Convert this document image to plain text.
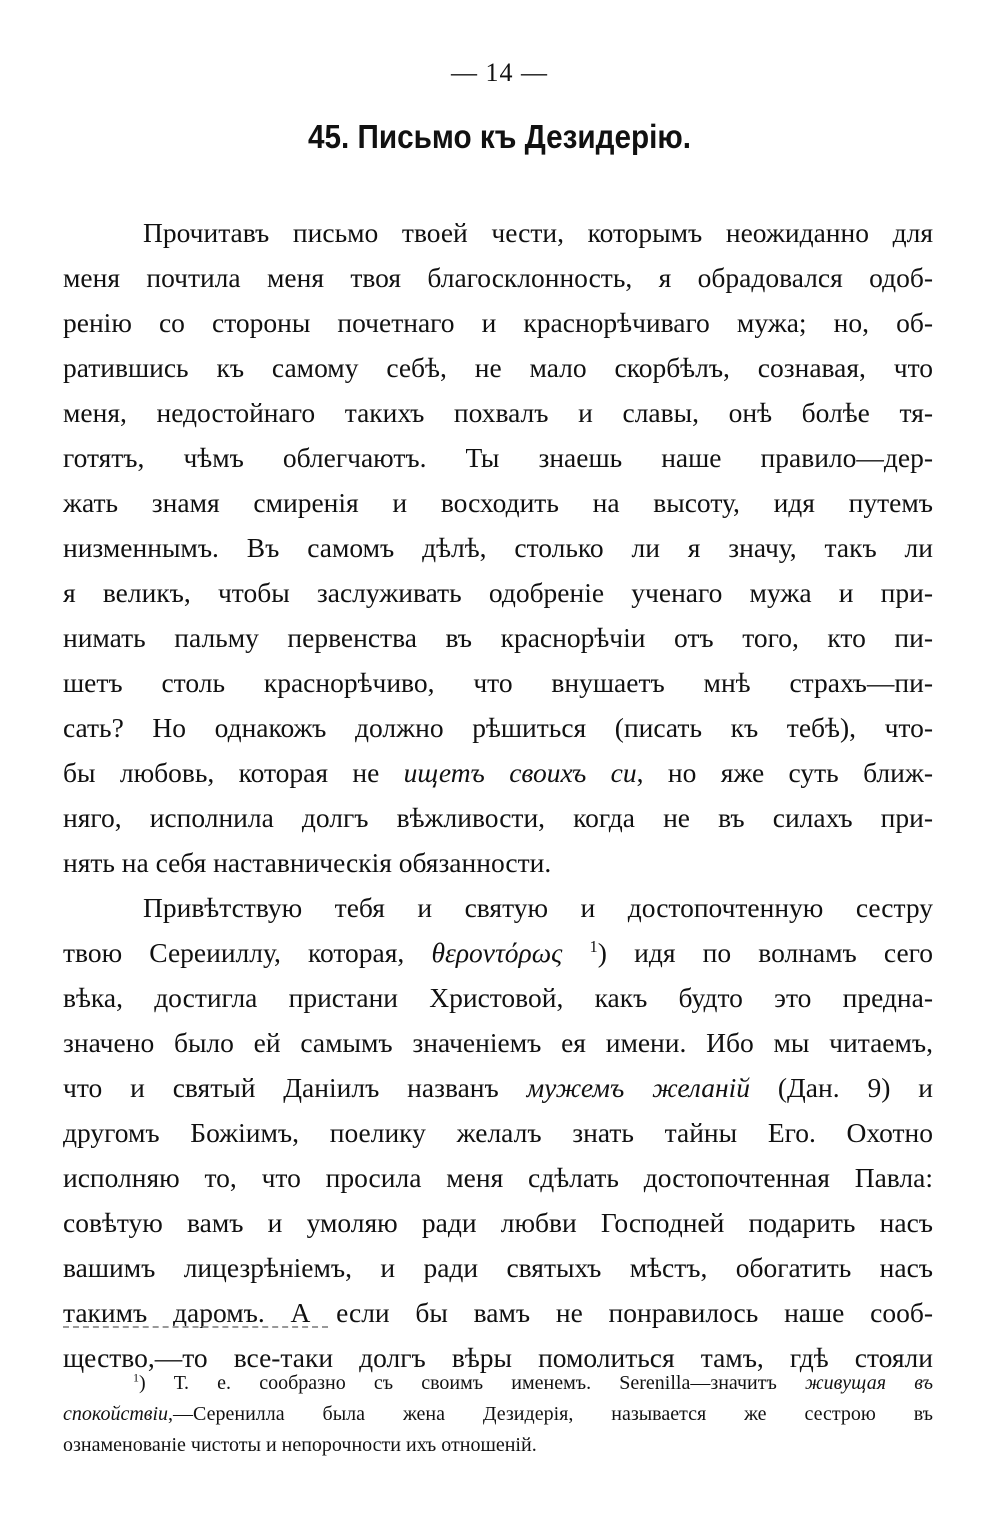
— 14 —
45. Письмо къ Дезидерію.
Прочитавъ письмо твоей чести, которымъ неожиданно для
меня почтила меня твоя благосклонность, я обрадовался одоб-
ренію со стороны почетнаго и краснорѣчиваго мужа; но, об-
ратившись къ самому себѣ, не мало скорбѣлъ, сознавая, что
меня, недостойнаго такихъ похвалъ и славы, онѣ болѣе тя-
готятъ, чѣмъ облегчаютъ. Ты знаешь наше правило—дер-
жать знамя смиренія и восходить на высоту, идя путемъ
низменнымъ. Въ самомъ дѣлѣ, столько ли я значу, такъ ли
я великъ, чтобы заслуживать одобреніе ученаго мужа и при-
нимать пальму первенства въ краснорѣчіи отъ того, кто пи-
шетъ столь краснорѣчиво, что внушаетъ мнѣ страхъ—пи-
сать? Но однакожъ должно рѣшиться (писать къ тебѣ), что-
бы любовь, которая не ищетъ своихъ си, но яже суть ближ-
няго, исполнила долгъ вѣжливости, когда не въ силахъ при-
нять на себя наставническія обязанности.
Привѣтствую тебя и святую и достопочтенную сестру
твою Сереииллу, которая, θεροντόρως $^1$) идя по волнамъ сего
вѣка, достигла пристани Христовой, какъ будто это предна-
значено было ей самымъ значеніемъ ея имени. Ибо мы читаемъ,
что и святый Даніилъ названъ мужемъ желаній (Дан. 9) и
другомъ Божіимъ, поелику желалъ знать тайны Его. Охотно
исполняю то, что просила меня сдѣлать достопочтенная Павла:
совѣтую вамъ и умоляю ради любви Господней подарить насъ
вашимъ лицезрѣніемъ, и ради святыхъ мѣстъ, обогатить насъ
такимъ даромъ. А если бы вамъ не понравилось наше сооб-
щество,—то все-таки долгъ вѣры помолиться тамъ, гдѣ стояли
$^1$) Т. е. сообразно съ своимъ именемъ. Serenilla—значитъ живущая въ
спокойствіи,—Серенилла была жена Дезидерія, называется же сестрою въ
ознаменованіе чистоты и непорочности ихъ отношеній.
